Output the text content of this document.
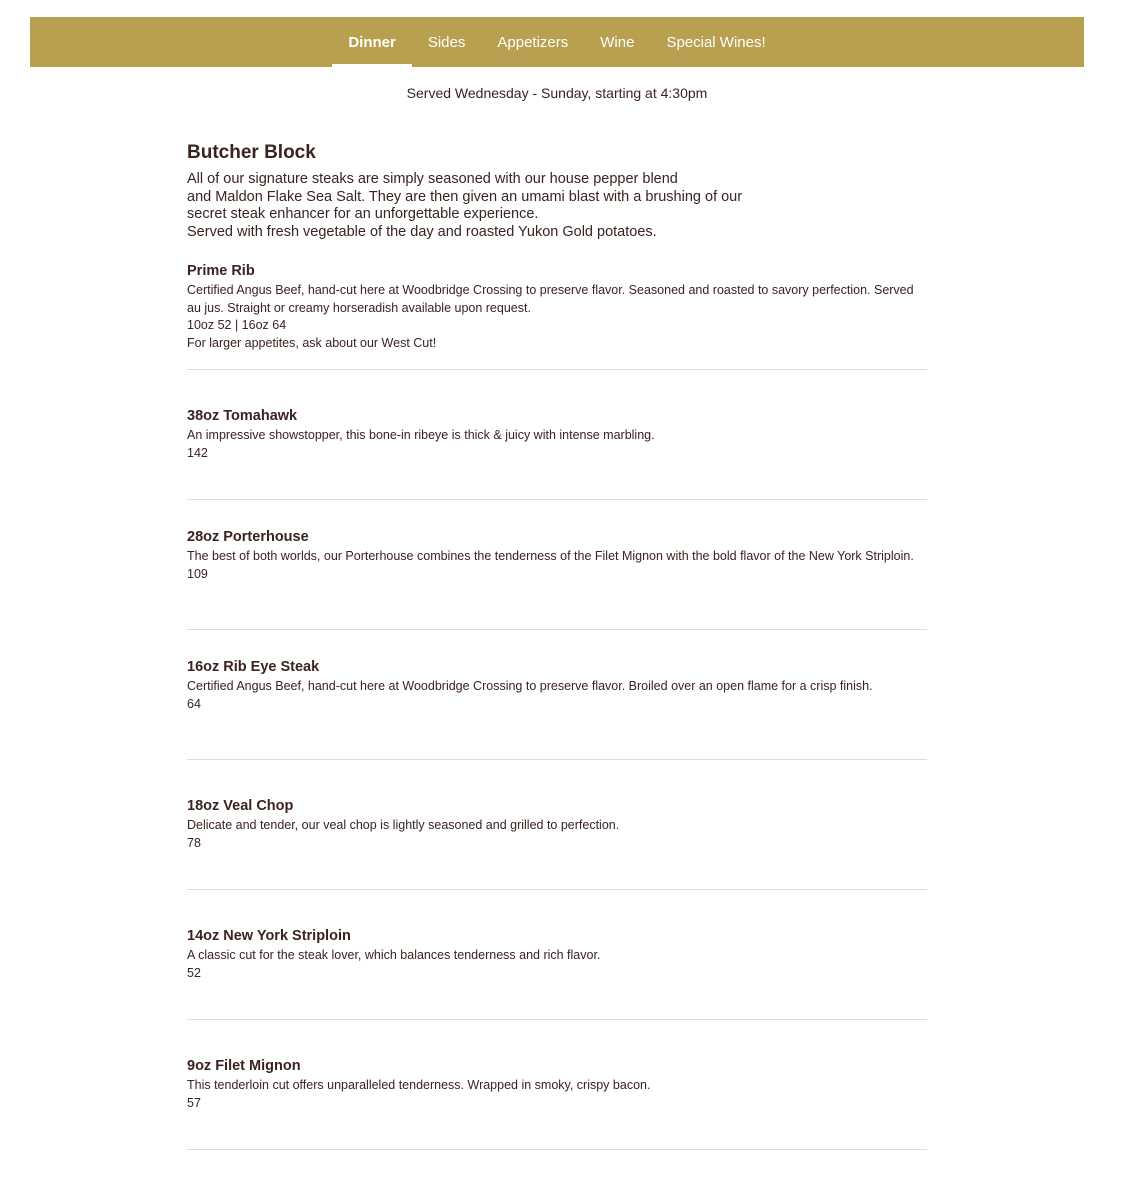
Dinner	Sides	Appetizers	Wine	Special Wines!
Served Wednesday - Sunday, starting at 4:30pm
Butcher Block
All of our signature steaks are simply seasoned with our house pepper blend
and Maldon Flake Sea Salt. They are then given an umami blast with a brushing of our
secret steak enhancer for an unforgettable experience.
Served with fresh vegetable of the day and roasted Yukon Gold potatoes.
Prime Rib
Certified Angus Beef, hand-cut here at Woodbridge Crossing to preserve flavor. Seasoned and roasted to savory perfection. Served au jus. Straight or creamy horseradish available upon request.
10oz 52 | 16oz 64
For larger appetites, ask about our West Cut!
38oz Tomahawk
An impressive showstopper, this bone-in ribeye is thick & juicy with intense marbling.
142
28oz Porterhouse
The best of both worlds, our Porterhouse combines the tenderness of the Filet Mignon with the bold flavor of the New York Striploin.
109
16oz Rib Eye Steak
Certified Angus Beef, hand-cut here at Woodbridge Crossing to preserve flavor. Broiled over an open flame for a crisp finish.
64
18oz Veal Chop
Delicate and tender, our veal chop is lightly seasoned and grilled to perfection.
78
14oz New York Striploin
A classic cut for the steak lover, which balances tenderness and rich flavor.
52
9oz Filet Mignon
This tenderloin cut offers unparalleled tenderness. Wrapped in smoky, crispy bacon.
57
